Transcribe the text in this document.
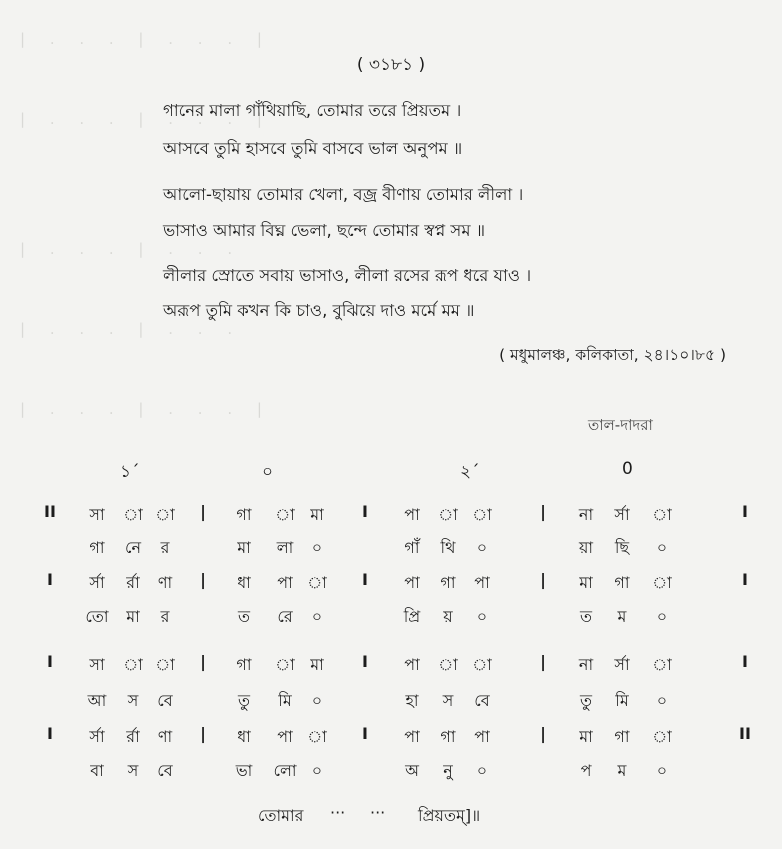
| . . . | . . . |
| . . . | . . . |
| . . . | . . .
| . . . | . . .
| . . . | . . . |
( ৩১৮১ )
গানের মালা গাঁথিয়াছি, তোমার তরে প্রিয়তম ।
আসবে তুমি হাসবে তুমি বাসবে ভাল অনুপম ॥
আলো-ছায়ায় তোমার খেলা, বজ্র বীণায় তোমার লীলা ।
ভাসাও আমার বিঘ্ন ভেলা, ছন্দে তোমার স্বপ্ন সম ॥
লীলার স্রোতে সবায় ভাসাও, লীলা রসের রূপ ধরে যাও ।
অরূপ তুমি কখন কি চাও, বুঝিয়ে দাও মর্মে মম ॥
( মধুমালঞ্চ, কলিকাতা, ২৪।১০।৮৫ )
তাল-দাদরা
১´	০	২´	0
II সা া া | গা া মা I পা া া	| না র্সা া	I
গা নে র	মা লা ০	গাঁ থি ০	য়া ছি ০
I র্সা র্রা ণা | ধা পা া I পা গা পা	| মা গা া	I
তো মা র	ত রে ০	প্রি য় ০	ত ম ০
I সা া া | গা া মা I পা া া	| না র্সা া	I
আ স বে	তু মি ০	হা স বে	তু মি ০
I র্সা র্রা ণা | ধা পা া I পা গা পা	| মা গা া	II
বা স বে	ভা লো ০	অ নু ০	প ম ০
তোমার ··· ··· প্রিয়তম্]॥
